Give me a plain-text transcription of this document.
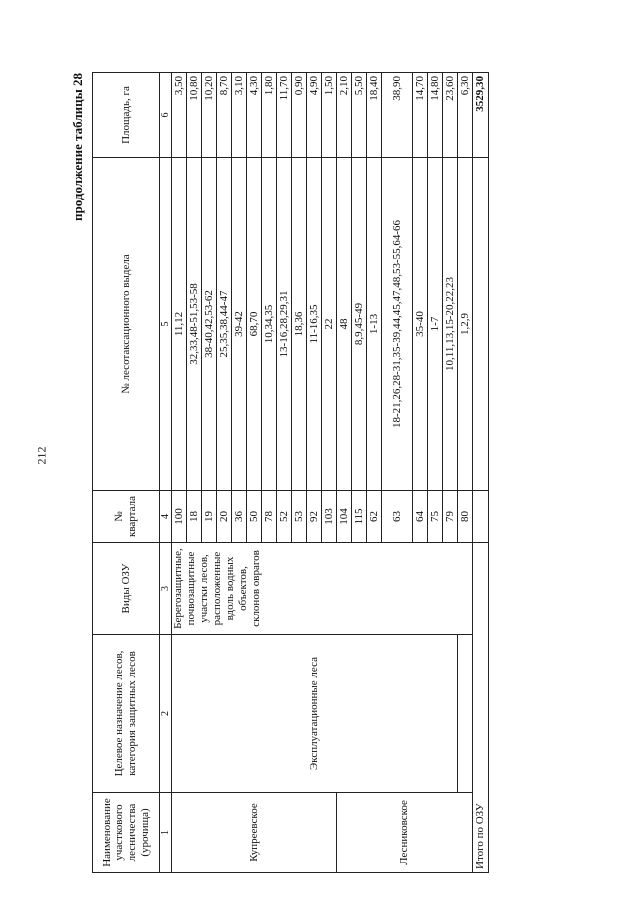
212
продолжение таблицы 28
Наименование участкового лесничества (урочища)	Целевое назначение лесов, категория защитных лесов	Виды ОЗУ	№ квартала	№ лесотаксационного выдела	Площадь, га
1	2	3	4	5	6
Купреевское	Эксплуатационные леса	Берегозащитные, почвозащитные участки лесов, расположенные вдоль водных объектов, склонов оврагов	100	11,12	3,50
			18	32,33,48-51,53-58	10,80
			19	38-40,42,53-62	10,20
			20	25,35,38,44-47	8,70
			36	39-42	3,10
			50	68,70	4,30
			78	10,34,35	1,80
			52	13-16,28,29,31	11,70
			53	18,36	0,90
			92	11-16,35	4,90
			103	22	1,50
Лесниковское			104	48	2,10
			115	8,9,45-49	5,50
			62	1-13	18,40
			63	18-21,26,28-31,35-39,44,45,47,48,53-55,64-66	38,90
			64	35-40	14,70
			75	1-7	14,80
			79	10,11,13,15-20,22,23	23,60
			80	1,2,9	6,30
Итого по ОЗУ					3529,30
